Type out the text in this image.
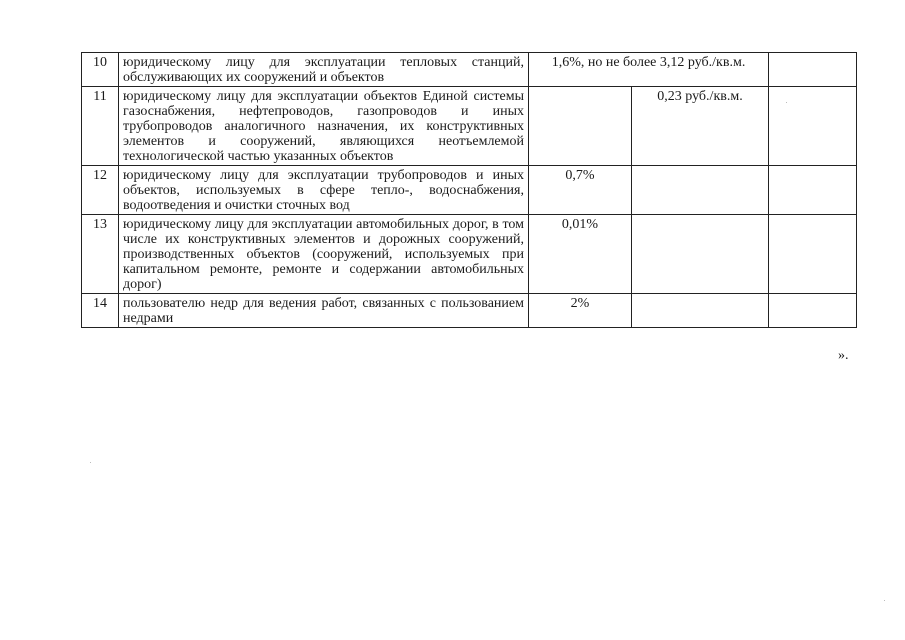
10	юридическому лицу для эксплуатации тепловых станций, обслуживающих их сооружений и объектов	1,6%, но не более 3,12 руб./кв.м.		
11	юридическому лицу для эксплуатации объектов Единой системы газоснабжения, нефтепроводов, газопроводов и иных трубопроводов аналогичного назначения, их конструктивных элементов и сооружений, являющихся неотъемлемой технологической частью указанных объектов		0,23 руб./кв.м.	
12	юридическому лицу для эксплуатации трубопроводов и иных объектов, используемых в сфере тепло-, водоснабжения, водоотведения и очистки сточных вод	0,7%		
13	юридическому лицу для эксплуатации автомобильных дорог, в том числе их конструктивных элементов и дорожных сооружений, производственных объектов (сооружений, используемых при капитальном ремонте, ремонте и содержании автомобильных дорог)	0,01%		
14	пользователю недр для ведения работ, связанных с пользованием недрами	2%		
».
